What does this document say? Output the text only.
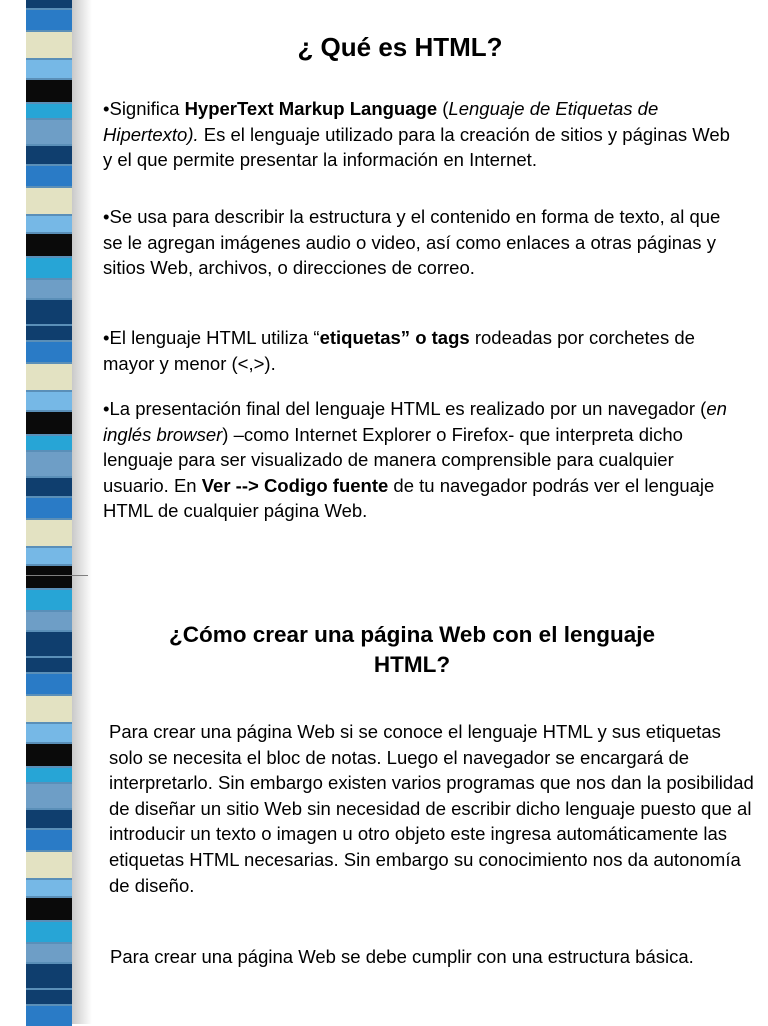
¿ Qué es HTML?

•Significa HyperText Markup Language (Lenguaje de Etiquetas de Hipertexto). Es el lenguaje utilizado para la creación de sitios y páginas Web y el que permite presentar la información en Internet.

•Se usa para describir la estructura y el contenido en forma de texto, al que se le agregan imágenes audio o video, así como enlaces a otras páginas y sitios Web, archivos, o direcciones de correo.

•El lenguaje HTML utiliza “etiquetas” o tags rodeadas por corchetes de mayor y menor (<,>).

•La presentación final del lenguaje HTML es realizado por un navegador (en inglés browser) –como Internet Explorer o Firefox- que interpreta dicho lenguaje para ser visualizado de manera comprensible para cualquier usuario. En Ver --> Codigo fuente de tu navegador podrás ver el lenguaje HTML de cualquier página Web.

¿Cómo crear una página Web con el lenguaje
HTML?

Para crear una página Web si se conoce el lenguaje HTML y sus etiquetas solo se necesita el bloc de notas. Luego el navegador se encargará de interpretarlo. Sin embargo existen varios programas que nos dan la posibilidad de diseñar un sitio Web sin necesidad de escribir dicho lenguaje puesto que al introducir un texto o imagen u otro objeto este ingresa automáticamente las etiquetas HTML necesarias. Sin embargo su conocimiento nos da autonomía de diseño.

Para crear una página Web se debe cumplir con una estructura básica.
